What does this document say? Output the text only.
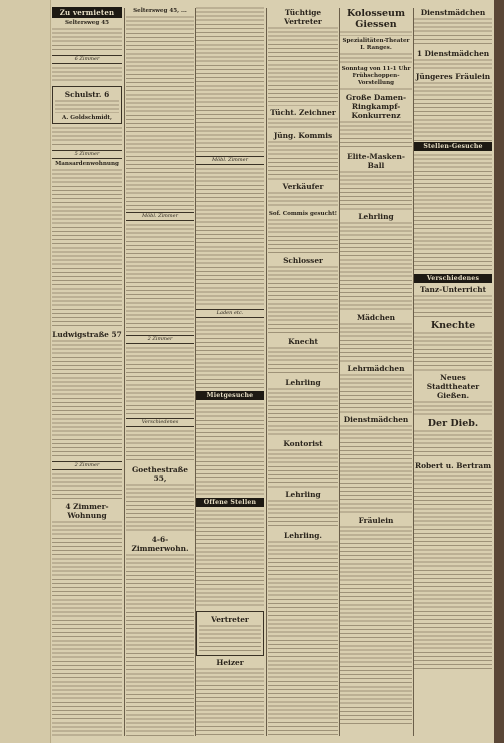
Zu vermieten
Seltersweg 45
6 Zimmer
Schulstr. 6
A. Goldschmidt,
5 Zimmer
Mansardenwohnung
Ludwigstraße 57
2 Zimmer
4 Zimmer-Wohnung
Seltersweg 45, ...
Möbl. Zimmer
2 Zimmer
Verschiedenes
Goethestraße 55,
4-6-Zimmerwohn.
Möbl. Zimmer
Laden etc.
Mietgesuche
Offene Stellen
Vertreter
Heizer
Tüchtige Vertreter
Tücht. Zeichner
Jüng. Kommis
Verkäufer
Sof. Commis gesucht!
Schlosser
Knecht
Lehrling
Kontorist
Lehrling
Lehrling.
Kolosseum Giessen
Spezialitäten-Theater I. Ranges.
Sonntag von 11-1 Uhr Frühschoppen-Vorstellung
Große Damen-Ringkampf-Konkurrenz
Elite-Masken-Ball
Lehrling
Mädchen
Lehrmädchen
Dienstmädchen
Fräulein
Dienstmädchen
1 Dienstmädchen
Jüngeres Fräulein
Stellen-Gesuche
Verschiedenes
Tanz-Unterricht
Knechte
Neues Stadttheater Gießen.
Der Dieb.
Robert u. Bertram
